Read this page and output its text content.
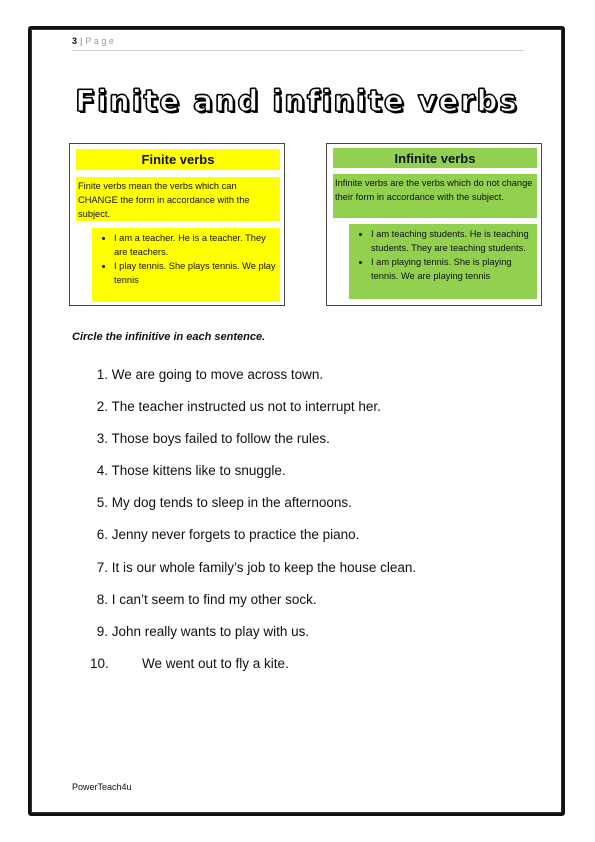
3 | Page
Finite and infinite verbs
Finite verbs
Finite verbs mean the verbs which can CHANGE the form in accordance with the subject.
• I am a teacher. He is a teacher. They are teachers.
• I play tennis. She plays tennis. We play tennis
Infinite verbs
Infinite verbs are the verbs which do not change their form in accordance with the subject.
• I am teaching students. He is teaching students. They are teaching students.
• I am playing tennis. She is playing tennis. We are playing tennis
Circle the infinitive in each sentence.
1. We are going to move across town.
2. The teacher instructed us not to interrupt her.
3. Those boys failed to follow the rules.
4. Those kittens like to snuggle.
5. My dog tends to sleep in the afternoons.
6. Jenny never forgets to practice the piano.
7. It is our whole family’s job to keep the house clean.
8. I can’t seem to find my other sock.
9. John really wants to play with us.
10. We went out to fly a kite.
PowerTeach4u
